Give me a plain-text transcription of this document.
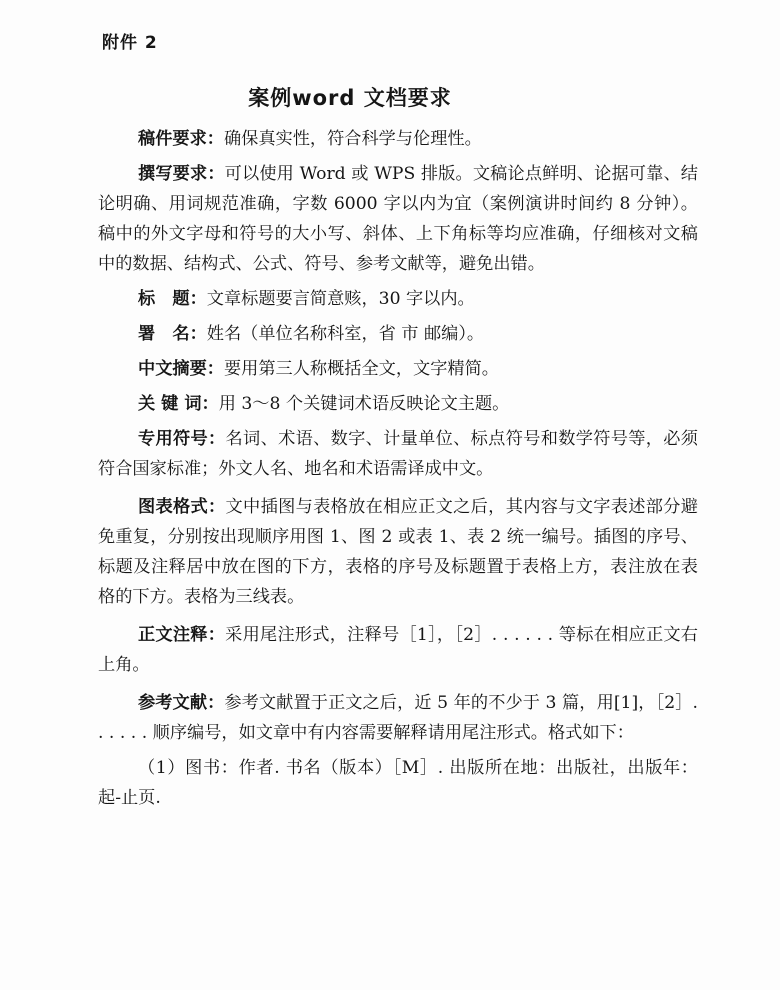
附件 2
案例word 文档要求

稿件要求：确保真实性，符合科学与伦理性。

撰写要求：可以使用 Word 或 WPS 排版。文稿论点鲜明、论据可靠、结论明确、用词规范准确，字数 6000 字以内为宜（案例演讲时间约 8 分钟）。稿中的外文字母和符号的大小写、斜体、上下角标等均应准确，仔细核对文稿中的数据、结构式、公式、符号、参考文献等，避免出错。

标　题：文章标题要言简意赅，30 字以内。

署　名：姓名（单位名称科室，省 市 邮编）。

中文摘要：要用第三人称概括全文，文字精简。

关 键 词：用 3～8 个关键词术语反映论文主题。

专用符号：名词、术语、数字、计量单位、标点符号和数学符号等，必须符合国家标准；外文人名、地名和术语需译成中文。

图表格式：文中插图与表格放在相应正文之后，其内容与文字表述部分避免重复，分别按出现顺序用图 1、图 2 或表 1、表 2 统一编号。插图的序号、标题及注释居中放在图的下方，表格的序号及标题置于表格上方，表注放在表格的下方。表格为三线表。

正文注释：采用尾注形式，注释号［1］，［2］. . . . . . 等标在相应正文右上角。

参考文献：参考文献置于正文之后，近 5 年的不少于 3 篇，用[1]，［2］. . . . . . 顺序编号，如文章中有内容需要解释请用尾注形式。格式如下：

（1）图书：作者. 书名（版本）［M］. 出版所在地：出版社，出版年：起-止页.
